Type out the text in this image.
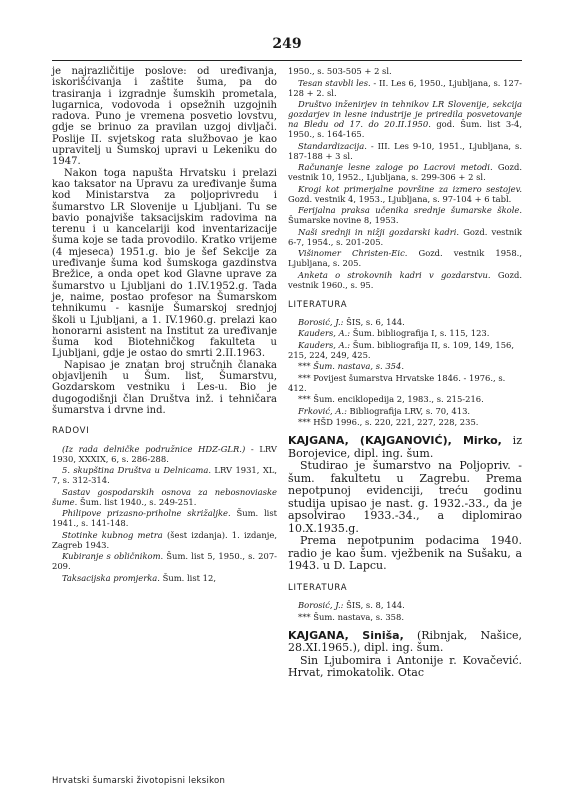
249

je najrazličitije poslove: od uređivanja, iskorišćivanja i zaštite šuma, pa do trasiranja i izgradnje šumskih prometala, lugarnica, vodovoda i opsežnih uzgojnih radova. Puno je vremena posvetio lovstvu, gdje se brinuo za pravilan uzgoj divljači. Poslije II. svjetskog rata službovao je kao upravitelj u Šumskoj upravi u Lekeniku do 1947.

Nakon toga napušta Hrvatsku i prelazi kao taksator na Upravu za uređivanje šuma kod Ministarstva za poljoprivredu i šumarstvo LR Slovenije u Ljubljani. Tu se bavio ponajviše taksacijskim radovima na terenu i u kancelariji kod inventarizacije šuma koje se tada provodilo. Kratko vrijeme (4 mjeseca) 1951.g. bio je šef Sekcije za uređivanje šuma kod šumskoga gazdinstva Brežice, a onda opet kod Glavne uprave za šumarstvo u Ljubljani do 1.IV.1952.g. Tada je, naime, postao profesor na Šumarskom tehnikumu - kasnije Šumarskoj srednjoj školi u Ljubljani, a 1. IV.1960.g. prelazi kao honorarni asistent na Institut za uređivanje šuma kod Biotehničkog fakulteta u Ljubljani, gdje je ostao do smrti 2.II.1963.

Napisao je znatan broj stručnih članaka objavljenih u Šum. list, Šumarstvu, Gozdarskom vestniku i Les-u. Bio je dugogodišnji član Društva inž. i tehničara šumarstva i drvne ind.

RADOVI

(Iz rada delničke podružnice HDZ-GLR.) - LRV 1930, XXXIX, 6, s. 286-288.

5. skupština Društva u Delnicama. LRV 1931, XL, 7, s. 312-314.

Sastav gospodarskih osnova za nebosnoviaske šume. Šum. list 1940., s. 249-251.

Philipove prizasno-priholne skrižaljke. Šum. list 1941., s. 141-148.

Stotinke kubnog metra (šest izdanja). 1. izdanje, Zagreb 1943.

Kubiranje s obličnikom. Šum. list 5, 1950., s. 207-209.

Taksacijska promjerka. Šum. list 12,

1950., s. 503-505 + 2 sl.

Tesan stavbli les. - II. Les 6, 1950., Ljubljana, s. 127-128 + 2. sl.

Društvo inženirjev in tehnikov LR Slovenije, sekcija gozdarjev in lesne industrije je priredila posvetovanje na Bledu od 17. do 20.II.1950. god. Šum. list 3-4, 1950., s. 164-165.

Standardizacija. - III. Les 9-10, 1951., Ljubljana, s. 187-188 + 3 sl.

Računanje lesne zaloge po Lacrovi metodi. Gozd. vestnik 10, 1952., Ljubljana, s. 299-306 + 2 sl.

Krogi kot primerjalne površine za izmero sestojev. Gozd. vestnik 4, 1953., Ljubljana, s. 97-104 + 6 tabl.

Ferijalna praksa učenika srednje šumarske škole. Šumarske novine 8, 1953.

Naši srednji in nižji gozdarski kadri. Gozd. vestnik 6-7, 1954., s. 201-205.

Višinomer Christen-Eic. Gozd. vestnik 1958., Ljubljana, s. 205.

Anketa o strokovnih kadri v gozdarstvu. Gozd. vestnik 1960., s. 95.

LITERATURA

Borosić, J.: ŠIS, s. 6, 144.

Kauders, A.: Šum. bibliografija I, s. 115, 123.

Kauders, A.: Šum. bibliografija II, s. 109, 149, 156, 215, 224, 249, 425.

*** Šum. nastava, s. 354.

*** Povijest šumarstva Hrvatske 1846. - 1976., s. 412.

*** Šum. enciklopedija 2, 1983., s. 215-216.

Frković, A.: Bibliografija LRV, s. 70, 413.

*** HŠD 1996., s. 220, 221, 227, 228, 235.

KAJGANA, (KAJGANOVIĆ), Mirko, iz Borojevice, dipl. ing. šum.

Studirao je šumarstvo na Poljopriv. - šum. fakultetu u Zagrebu. Prema nepotpunoj evidenciji, treću godinu studija upisao je nast. g. 1932.-33., da je apsolvirao 1933.-34., a diplomirao 10.X.1935.g.

Prema nepotpunim podacima 1940. radio je kao šum. vježbenik na Sušaku, a 1943. u D. Lapcu.

LITERATURA

Borosić, J.: ŠIS, s. 8, 144.

*** Šum. nastava, s. 358.

KAJGANA, Siniša, (Ribnjak, Našice, 28.XI.1965.), dipl. ing. šum.

Sin Ljubomira i Antonije r. Kovačević. Hrvat, rimokatolik. Otac

Hrvatski šumarski životopisni leksikon
